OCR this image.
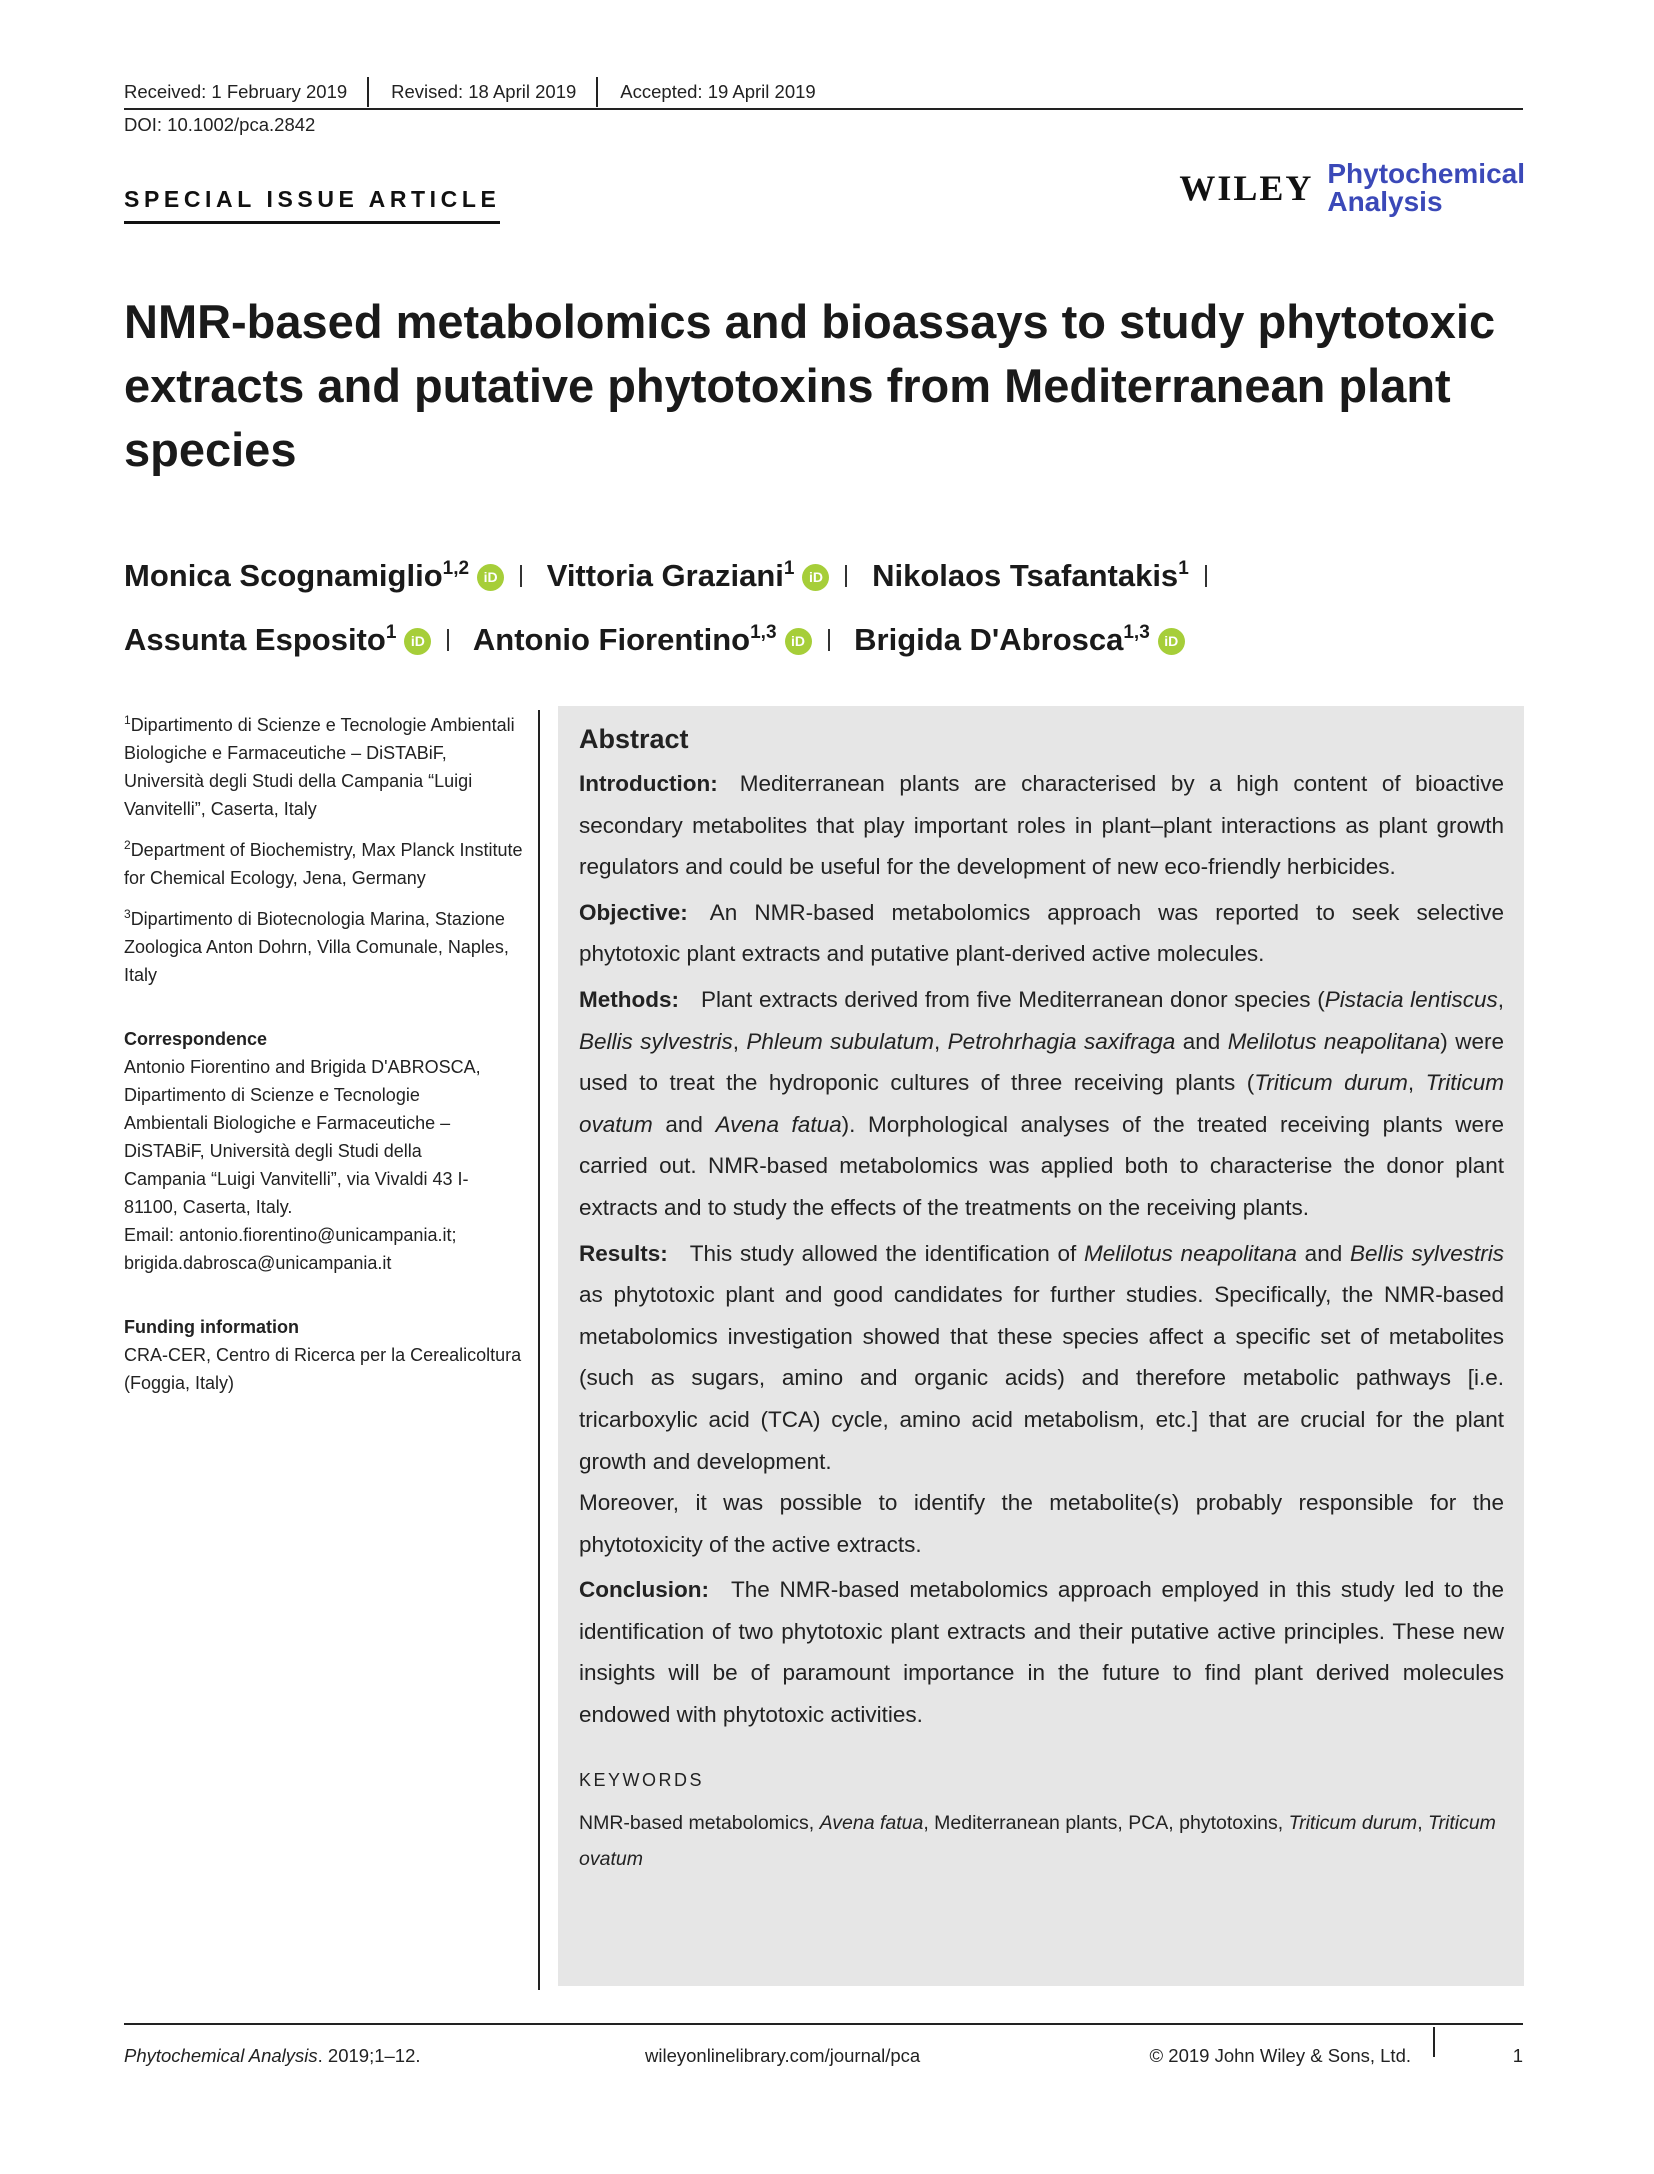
Received: 1 February 2019	Revised: 18 April 2019	Accepted: 19 April 2019
DOI: 10.1002/pca.2842
SPECIAL ISSUE ARTICLE	WILEY Phytochemical
Analysis
NMR-based metabolomics and bioassays to study phytotoxic extracts and putative phytotoxins from Mediterranean plant species
Monica Scognamiglio$^{1,2}$ iD Vittoria Graziani$^1$ iD Nikolaos Tsafantakis$^1$
Assunta Esposito$^1$ iD Antonio Fiorentino$^{1,3}$ iD Brigida D'Abrosca$^{1,3}$ iD
$^1$Dipartimento di Scienze e Tecnologie Ambientali Biologiche e Farmaceutiche – DiSTABiF, Università degli Studi della Campania “Luigi Vanvitelli”, Caserta, Italy
$^2$Department of Biochemistry, Max Planck Institute for Chemical Ecology, Jena, Germany
$^3$Dipartimento di Biotecnologia Marina, Stazione Zoologica Anton Dohrn, Villa Comunale, Naples, Italy
Correspondence
Antonio Fiorentino and Brigida D'ABROSCA,
Dipartimento di Scienze e Tecnologie
Ambientali Biologiche e Farmaceutiche –
DiSTABiF, Università degli Studi della
Campania “Luigi Vanvitelli”, via Vivaldi 43 I-
81100, Caserta, Italy.
Email: antonio.fiorentino@unicampania.it;
brigida.dabrosca@unicampania.it
Funding information
CRA-CER, Centro di Ricerca per la Cerealicoltura (Foggia, Italy)
Abstract

Introduction: Mediterranean plants are characterised by a high content of bioactive secondary metabolites that play important roles in plant–plant interactions as plant growth regulators and could be useful for the development of new eco-friendly herbicides.

Objective: An NMR-based metabolomics approach was reported to seek selective phytotoxic plant extracts and putative plant-derived active molecules.

Methods: Plant extracts derived from five Mediterranean donor species (Pistacia lentiscus, Bellis sylvestris, Phleum subulatum, Petrohrhagia saxifraga and Melilotus neapolitana) were used to treat the hydroponic cultures of three receiving plants (Triticum durum, Triticum ovatum and Avena fatua). Morphological analyses of the treated receiving plants were carried out. NMR-based metabolomics was applied both to characterise the donor plant extracts and to study the effects of the treatments on the receiving plants.

Results: This study allowed the identification of Melilotus neapolitana and Bellis sylvestris as phytotoxic plant and good candidates for further studies. Specifically, the NMR-based metabolomics investigation showed that these species affect a specific set of metabolites (such as sugars, amino and organic acids) and therefore metabolic pathways [i.e. tricarboxylic acid (TCA) cycle, amino acid metabolism, etc.] that are crucial for the plant growth and development.
Moreover, it was possible to identify the metabolite(s) probably responsible for the phytotoxicity of the active extracts.

Conclusion: The NMR-based metabolomics approach employed in this study led to the identification of two phytotoxic plant extracts and their putative active principles. These new insights will be of paramount importance in the future to find plant derived molecules endowed with phytotoxic activities.

KEYWORDS
NMR-based metabolomics, Avena fatua, Mediterranean plants, PCA, phytotoxins, Triticum durum, Triticum ovatum
Phytochemical Analysis. 2019;1–12.	wileyonlinelibrary.com/journal/pca	© 2019 John Wiley & Sons, Ltd.	1
